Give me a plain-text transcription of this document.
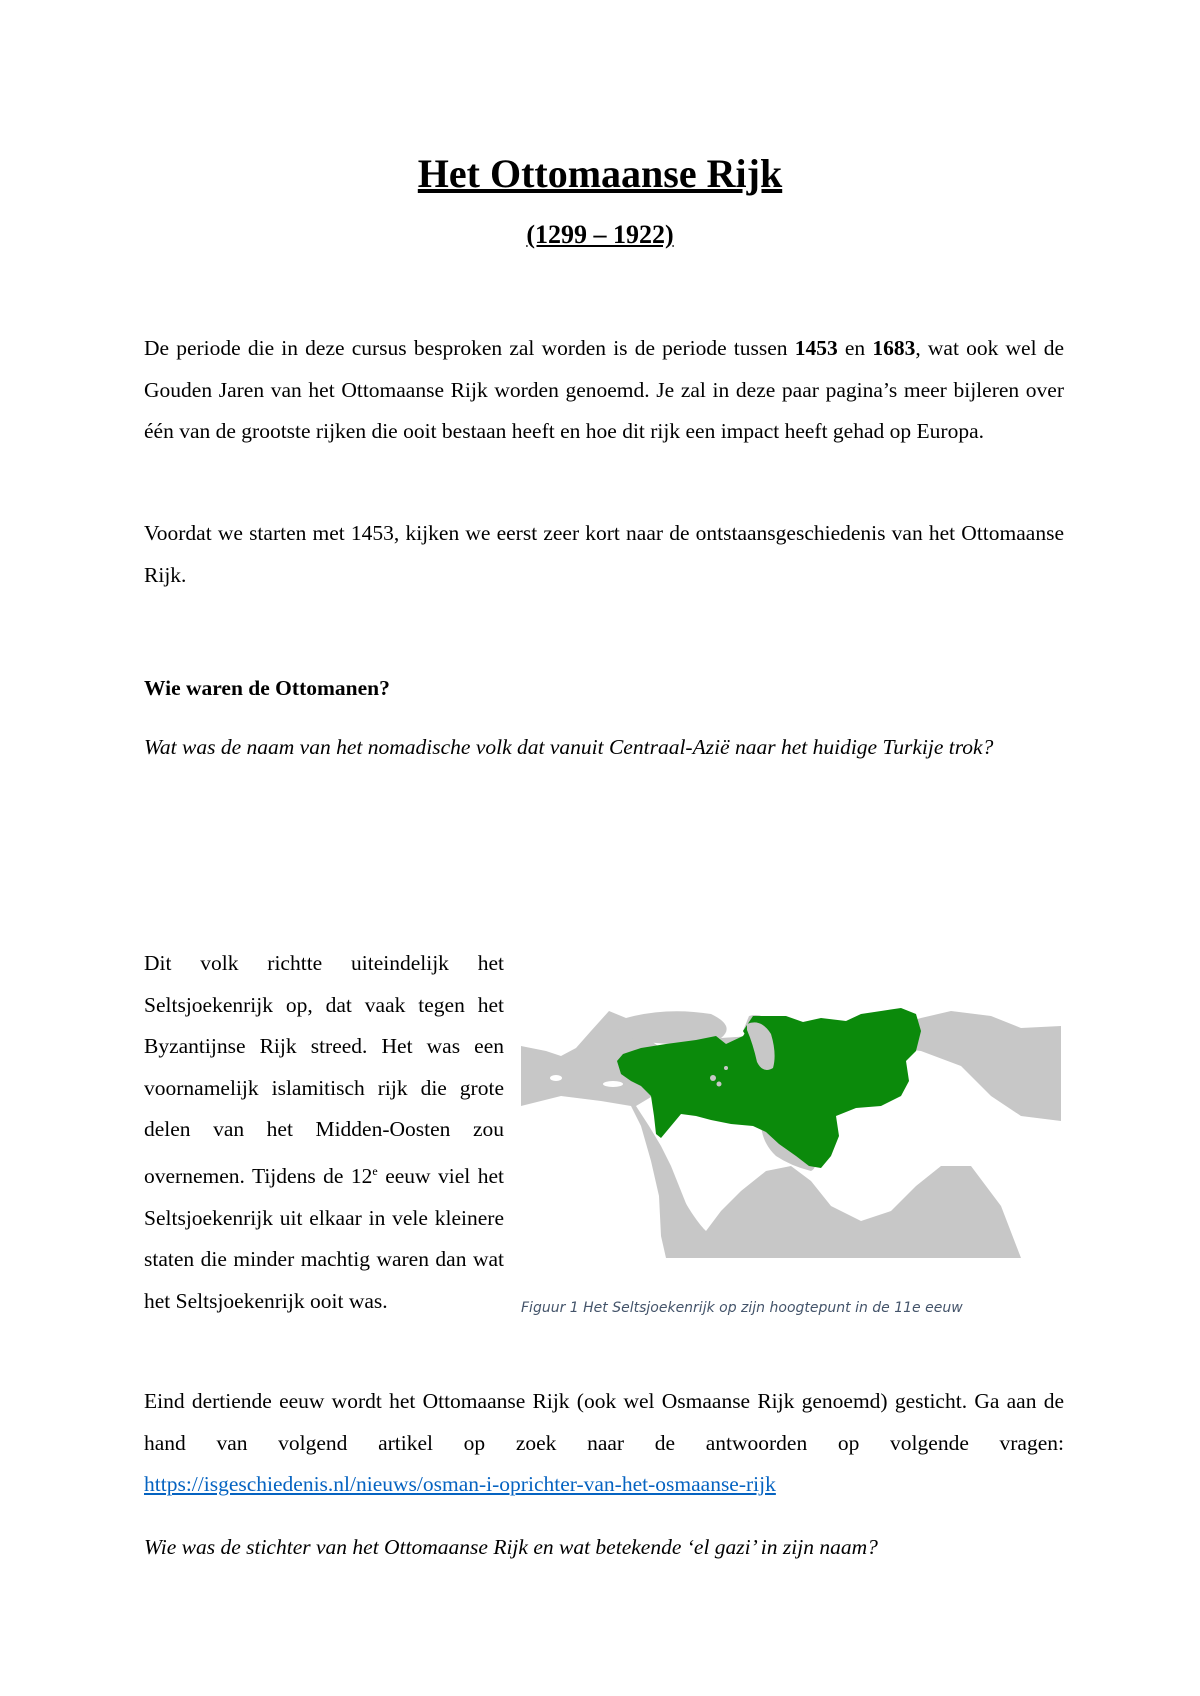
Het Ottomaanse Rijk
(1299 – 1922)

De periode die in deze cursus besproken zal worden is de periode tussen 1453 en 1683, wat ook wel de Gouden Jaren van het Ottomaanse Rijk worden genoemd. Je zal in deze paar pagina’s meer bijleren over één van de grootste rijken die ooit bestaan heeft en hoe dit rijk een impact heeft gehad op Europa.

Voordat we starten met 1453, kijken we eerst zeer kort naar de ontstaansgeschiedenis van het Ottomaanse Rijk.

Wie waren de Ottomanen?

Wat was de naam van het nomadische volk dat vanuit Centraal-Azië naar het huidige Turkije trok?

Dit volk richtte uiteindelijk het Seltsjoekenrijk op, dat vaak tegen het Byzantijnse Rijk streed. Het was een voornamelijk islamitisch rijk die grote delen van het Midden-Oosten zou overnemen. Tijdens de 12e eeuw viel het Seltsjoekenrijk uit elkaar in vele kleinere staten die minder machtig waren dan wat het Seltsjoekenrijk ooit was.	Figuur 1 Het Seltsjoekenrijk op zijn hoogtepunt in de 11e eeuw

Eind dertiende eeuw wordt het Ottomaanse Rijk (ook wel Osmaanse Rijk genoemd) gesticht. Ga aan de hand van volgend artikel op zoek naar de antwoorden op volgende vragen: https://isgeschiedenis.nl/nieuws/osman-i-oprichter-van-het-osmaanse-rijk

Wie was de stichter van het Ottomaanse Rijk en wat betekende ‘el gazi’ in zijn naam?
